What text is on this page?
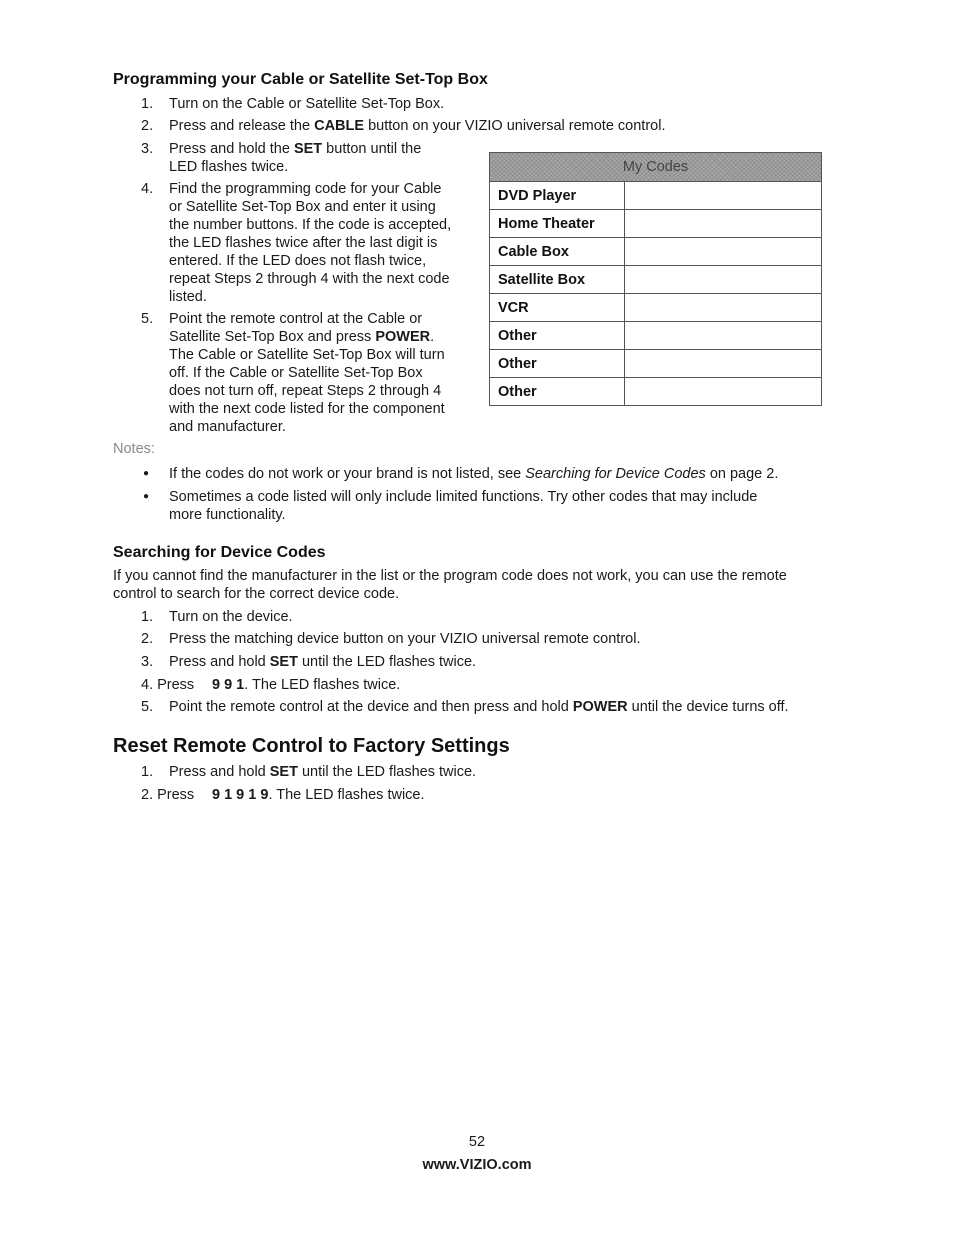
Programming your Cable or Satellite Set-Top Box
1. Turn on the Cable or Satellite Set-Top Box.
2. Press and release the CABLE button on your VIZIO universal remote control.
3. Press and hold the SET button until the
LED flashes twice.
4. Find the programming code for your Cable
or Satellite Set-Top Box and enter it using
the number buttons. If the code is accepted,
the LED flashes twice after the last digit is
entered. If the LED does not flash twice,
repeat Steps 2 through 4 with the next code
listed.
5. Point the remote control at the Cable or
Satellite Set-Top Box and press POWER.
The Cable or Satellite Set-Top Box will turn
off. If the Cable or Satellite Set-Top Box
does not turn off, repeat Steps 2 through 4
with the next code listed for the component
and manufacturer.
My Codes	
DVD Player	
Home Theater	
Cable Box	
Satellite Box	
VCR	
Other	
Other	
Other	
Notes:
● If the codes do not work or your brand is not listed, see Searching for Device Codes on page 2.
● Sometimes a code listed will only include limited functions. Try other codes that may include
more functionality.
Searching for Device Codes
If you cannot find the manufacturer in the list or the program code does not work, you can use the remote
control to search for the correct device code.
1. Turn on the device.
2. Press the matching device button on your VIZIO universal remote control.
3. Press and hold SET until the LED flashes twice.
4. Press 9 9 1. The LED flashes twice.
5. Point the remote control at the device and then press and hold POWER until the device turns off.
Reset Remote Control to Factory Settings
1. Press and hold SET until the LED flashes twice.
2. Press 9 1 9 1 9. The LED flashes twice.
52
www.VIZIO.com
